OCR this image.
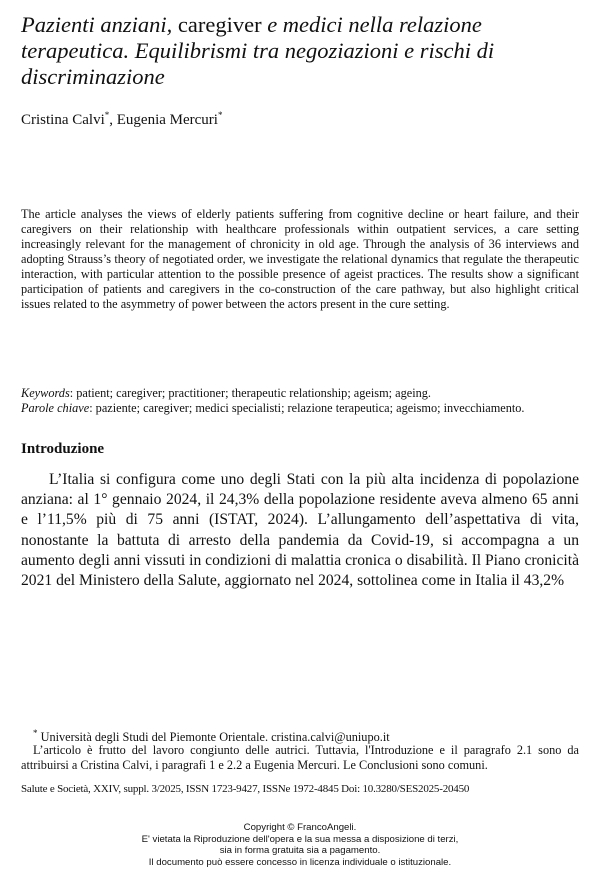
Pazienti anziani, caregiver e medici nella relazione terapeutica. Equilibrismi tra negoziazioni e rischi di discriminazione
Cristina Calvi*, Eugenia Mercuri*

The article analyses the views of elderly patients suffering from cognitive decline or heart failure, and their caregivers on their relationship with healthcare professionals within outpatient services, a care setting increasingly relevant for the management of chronicity in old age. Through the analysis of 36 interviews and adopting Strauss’s theory of negotiated order, we investigate the relational dynamics that regulate the therapeutic interaction, with particular attention to the possible presence of ageist practices. The results show a significant participation of patients and caregivers in the co-construction of the care pathway, but also highlight critical issues related to the asymmetry of power between the actors present in the cure setting.

Keywords: patient; caregiver; practitioner; therapeutic relationship; ageism; ageing.

Parole chiave: paziente; caregiver; medici specialisti; relazione terapeutica; ageismo; invecchiamento.

Introduzione

L’Italia si configura come uno degli Stati con la più alta incidenza di popolazione anziana: al 1° gennaio 2024, il 24,3% della popolazione residente aveva almeno 65 anni e l’11,5% più di 75 anni (ISTAT, 2024). L’allungamento dell’aspettativa di vita, nonostante la battuta di arresto della pandemia da Covid-19, si accompagna a un aumento degli anni vissuti in condizioni di malattia cronica o disabilità. Il Piano cronicità 2021 del Ministero della Salute, aggiornato nel 2024, sottolinea come in Italia il 43,2%

* Università degli Studi del Piemonte Orientale. cristina.calvi@uniupo.it

L’articolo è frutto del lavoro congiunto delle autrici. Tuttavia, l'Introduzione e il paragrafo 2.1 sono da attribuirsi a Cristina Calvi, i paragrafi 1 e 2.2 a Eugenia Mercuri. Le Conclusioni sono comuni.

Salute e Società, XXIV, suppl. 3/2025, ISSN 1723-9427, ISSNe 1972-4845 Doi: 10.3280/SES2025-20450

Copyright © FrancoAngeli.
E' vietata la Riproduzione dell'opera e la sua messa a disposizione di terzi,
sia in forma gratuita sia a pagamento.
Il documento può essere concesso in licenza individuale o istituzionale.
